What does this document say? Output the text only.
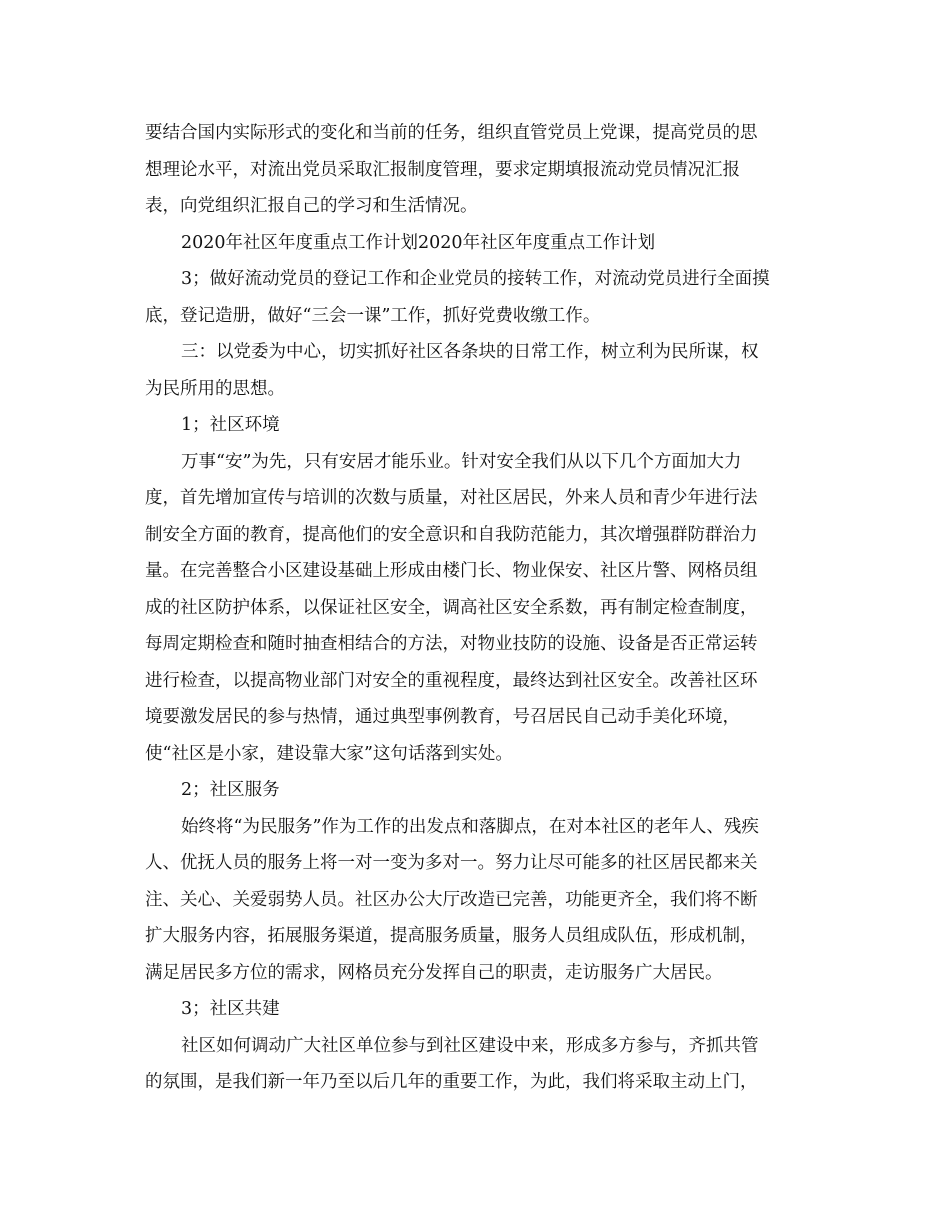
要结合国内实际形式的变化和当前的任务，组织直管党员上党课，提高党员的思
想理论水平，对流出党员采取汇报制度管理，要求定期填报流动党员情况汇报
表，向党组织汇报自己的学习和生活情况。
2020年社区年度重点工作计划2020年社区年度重点工作计划
3；做好流动党员的登记工作和企业党员的接转工作，对流动党员进行全面摸
底，登记造册，做好“三会一课”工作，抓好党费收缴工作。
三：以党委为中心，切实抓好社区各条块的日常工作，树立利为民所谋，权
为民所用的思想。
1；社区环境
万事“安”为先，只有安居才能乐业。针对安全我们从以下几个方面加大力
度，首先增加宣传与培训的次数与质量，对社区居民，外来人员和青少年进行法
制安全方面的教育，提高他们的安全意识和自我防范能力，其次增强群防群治力
量。在完善整合小区建设基础上形成由楼门长、物业保安、社区片警、网格员组
成的社区防护体系，以保证社区安全，调高社区安全系数，再有制定检查制度，
每周定期检查和随时抽查相结合的方法，对物业技防的设施、设备是否正常运转
进行检查，以提高物业部门对安全的重视程度，最终达到社区安全。改善社区环
境要激发居民的参与热情，通过典型事例教育，号召居民自己动手美化环境，
使“社区是小家，建设靠大家”这句话落到实处。
2；社区服务
始终将“为民服务”作为工作的出发点和落脚点，在对本社区的老年人、残疾
人、优抚人员的服务上将一对一变为多对一。努力让尽可能多的社区居民都来关
注、关心、关爱弱势人员。社区办公大厅改造已完善，功能更齐全，我们将不断
扩大服务内容，拓展服务渠道，提高服务质量，服务人员组成队伍，形成机制，
满足居民多方位的需求，网格员充分发挥自己的职责，走访服务广大居民。
3；社区共建
社区如何调动广大社区单位参与到社区建设中来，形成多方参与，齐抓共管
的氛围，是我们新一年乃至以后几年的重要工作，为此，我们将采取主动上门，
